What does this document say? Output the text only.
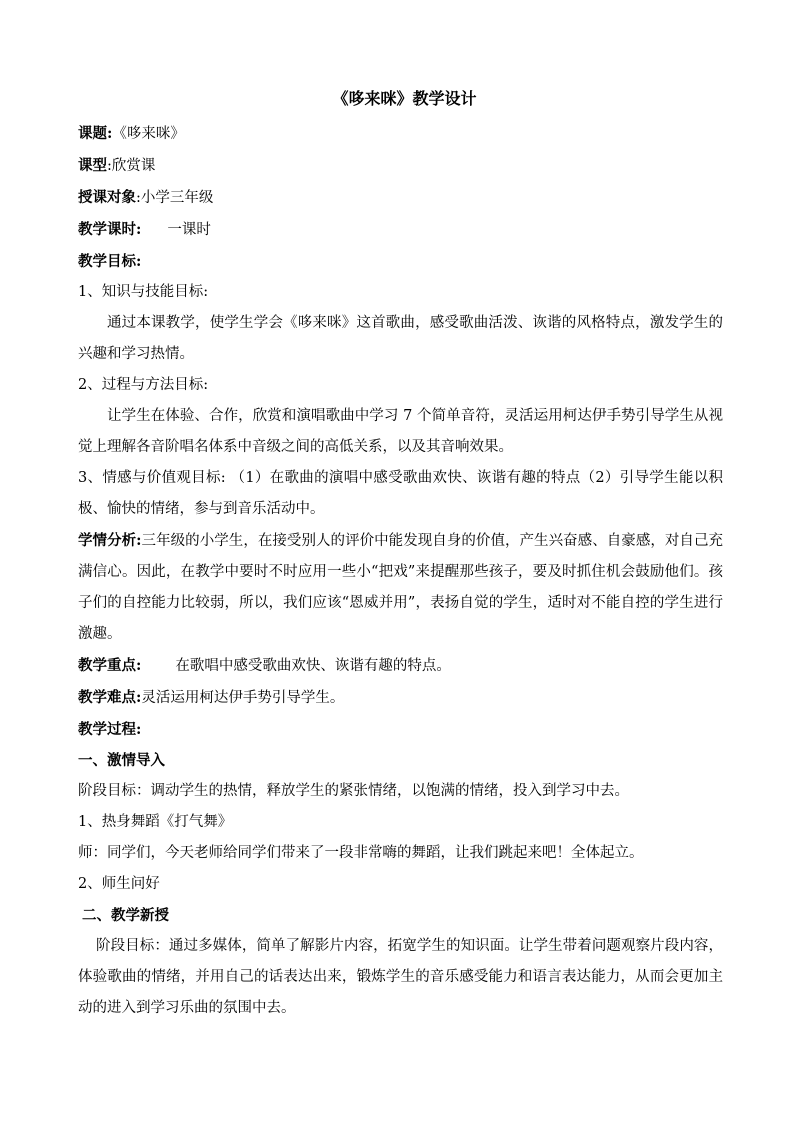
《哆来咪》教学设计
课题:《哆来咪》
课型:欣赏课
授课对象:小学三年级
教学课时: 一课时
教学目标:
1、知识与技能目标:
通过本课教学，使学生学会《哆来咪》这首歌曲，感受歌曲活泼、诙谐的风格特点，激发学生的兴趣和学习热情。
2、过程与方法目标:
让学生在体验、合作，欣赏和演唱歌曲中学习 7 个简单音符，灵活运用柯达伊手势引导学生从视觉上理解各音阶唱名体系中音级之间的高低关系，以及其音响效果。
3、情感与价值观目标: （1）在歌曲的演唱中感受歌曲欢快、诙谐有趣的特点（2）引导学生能以积极、愉快的情绪，参与到音乐活动中。
学情分析:三年级的小学生，在接受别人的评价中能发现自身的价值，产生兴奋感、自豪感，对自己充满信心。因此，在教学中要时不时应用一些小“把戏”来提醒那些孩子，要及时抓住机会鼓励他们。孩子们的自控能力比较弱，所以，我们应该“恩威并用”，表扬自觉的学生，适时对不能自控的学生进行激趣。
教学重点: 在歌唱中感受歌曲欢快、诙谐有趣的特点。
教学难点:灵活运用柯达伊手势引导学生。
教学过程:
一、激情导入
阶段目标：调动学生的热情，释放学生的紧张情绪，以饱满的情绪，投入到学习中去。
1、热身舞蹈《打气舞》
师：同学们，今天老师给同学们带来了一段非常嗨的舞蹈，让我们跳起来吧！全体起立。
2、师生问好
二、教学新授
阶段目标：通过多媒体，简单了解影片内容，拓宽学生的知识面。让学生带着问题观察片段内容，体验歌曲的情绪，并用自己的话表达出来，锻炼学生的音乐感受能力和语言表达能力，从而会更加主动的进入到学习乐曲的氛围中去。
